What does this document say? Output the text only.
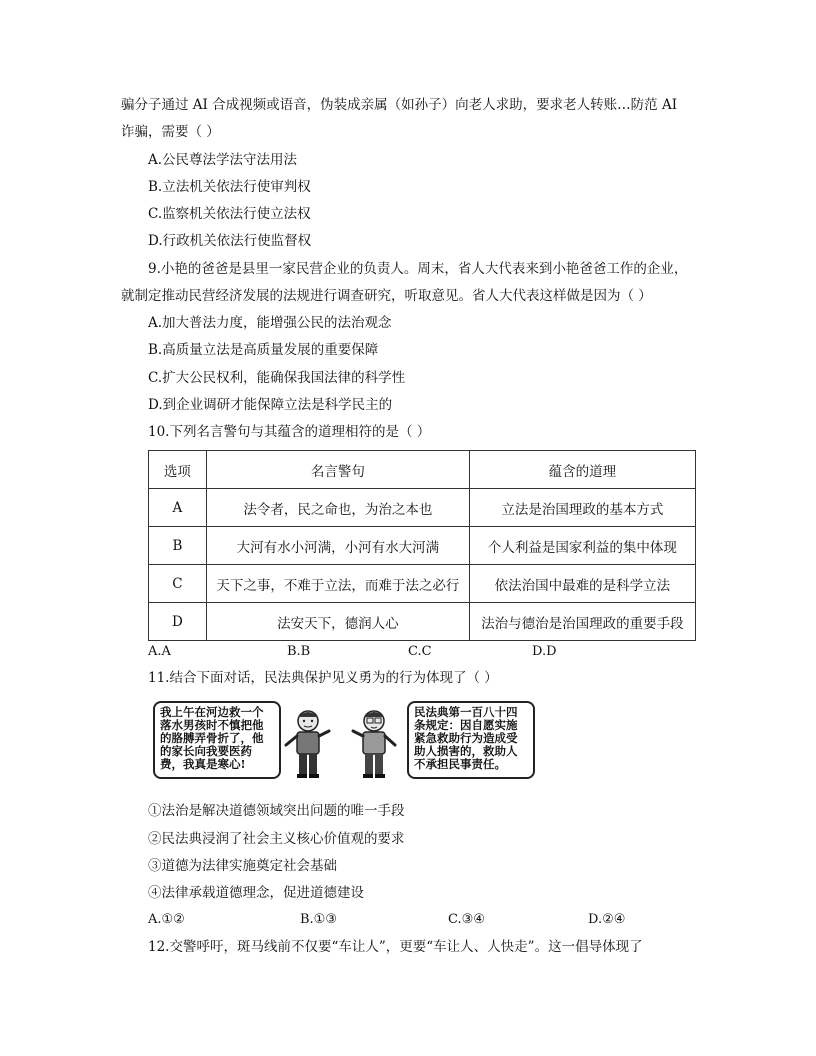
骗分子通过 AI 合成视频或语音，伪装成亲属（如孙子）向老人求助，要求老人转账…防范 AI
诈骗，需要（ ）
A.公民尊法学法守法用法
B.立法机关依法行使审判权
C.监察机关依法行使立法权
D.行政机关依法行使监督权
9.小艳的爸爸是县里一家民营企业的负责人。周末，省人大代表来到小艳爸爸工作的企业，
就制定推动民营经济发展的法规进行调查研究，听取意见。省人大代表这样做是因为（ ）
A.加大普法力度，能增强公民的法治观念
B.高质量立法是高质量发展的重要保障
C.扩大公民权利，能确保我国法律的科学性
D.到企业调研才能保障立法是科学民主的
10.下列名言警句与其蕴含的道理相符的是（ ）
选项	名言警句	蕴含的道理
A	法令者，民之命也，为治之本也	立法是治国理政的基本方式
B	大河有水小河满，小河有水大河满	个人利益是国家利益的集中体现
C	天下之事，不难于立法，而难于法之必行	依法治国中最难的是科学立法
D	法安天下，德润人心	法治与德治是治国理政的重要手段
A.A	B.B	C.C	D.D
11.结合下面对话，民法典保护见义勇为的行为体现了（ ）
我上午在河边救一个落水男孩时不慎把他的胳膊弄骨折了，他的家长向我要医药费，我真是寒心!
民法典第一百八十四条规定：因自愿实施紧急救助行为造成受助人损害的，救助人不承担民事责任。
①法治是解决道德领域突出问题的唯一手段
②民法典浸润了社会主义核心价值观的要求
③道德为法律实施奠定社会基础
④法律承载道德理念，促进道德建设
A.①②	B.①③	C.③④	D.②④
12.交警呼吁，斑马线前不仅要“车让人”，更要“车让人、人快走”。这一倡导体现了
